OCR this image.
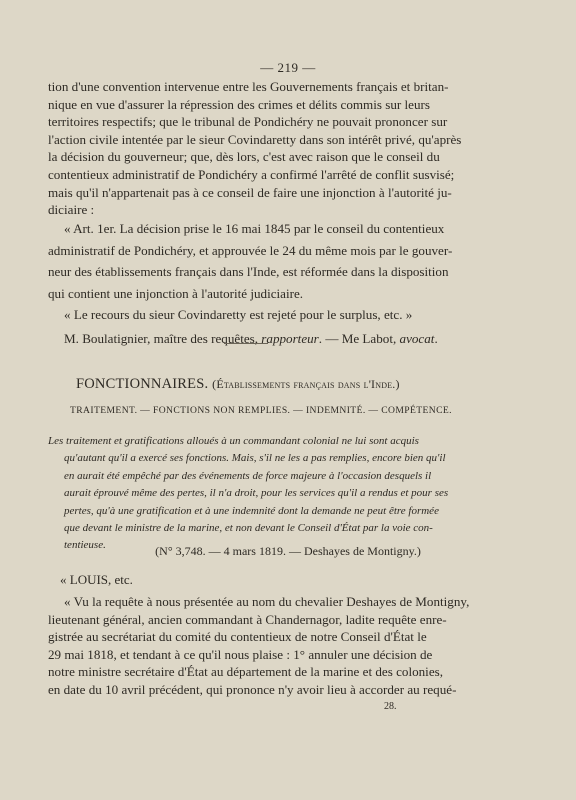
— 219 —
tion d'une convention intervenue entre les Gouvernements français et britan-
nique en vue d'assurer la répression des crimes et délits commis sur leurs
territoires respectifs; que le tribunal de Pondichéry ne pouvait prononcer sur
l'action civile intentée par le sieur Covindaretty dans son intérêt privé, qu'après
la décision du gouverneur; que, dès lors, c'est avec raison que le conseil du
contentieux administratif de Pondichéry a confirmé l'arrêté de conflit susvisé;
mais qu'il n'appartenait pas à ce conseil de faire une injonction à l'autorité ju-
diciaire :
« Art. 1er. La décision prise le 16 mai 1845 par le conseil du contentieux
administratif de Pondichéry, et approuvée le 24 du même mois par le gouver-
neur des établissements français dans l'Inde, est réformée dans la disposition
qui contient une injonction à l'autorité judiciaire.
« Le recours du sieur Covindaretty est rejeté pour le surplus, etc. »
M. Boulatignier, maître des requêtes, rapporteur. — Me Labot, avocat.
FONCTIONNAIRES. (Établissements français dans l'Inde.)
TRAITEMENT. — FONCTIONS NON REMPLIES. — INDEMNITÉ. — COMPÉTENCE.

Les traitement et gratifications alloués à un commandant colonial ne lui sont acquis

qu'autant qu'il a exercé ses fonctions. Mais, s'il ne les a pas remplies, encore bien qu'il

en aurait été empêché par des événements de force majeure à l'occasion desquels il

aurait éprouvé même des pertes, il n'a droit, pour les services qu'il a rendus et pour ses

pertes, qu'à une gratification et à une indemnité dont la demande ne peut être formée

que devant le ministre de la marine, et non devant le Conseil d'État par la voie con-

tentieuse.	(N° 3,748. — 4 mars 1819. — Deshayes de Montigny.)
« LOUIS, etc.
« Vu la requête à nous présentée au nom du chevalier Deshayes de Montigny,
lieutenant général, ancien commandant à Chandernagor, ladite requête enre-
gistrée au secrétariat du comité du contentieux de notre Conseil d'État le
29 mai 1818, et tendant à ce qu'il nous plaise : 1° annuler une décision de
notre ministre secrétaire d'État au département de la marine et des colonies,
en date du 10 avril précédent, qui prononce n'y avoir lieu à accorder au requé-
28.
